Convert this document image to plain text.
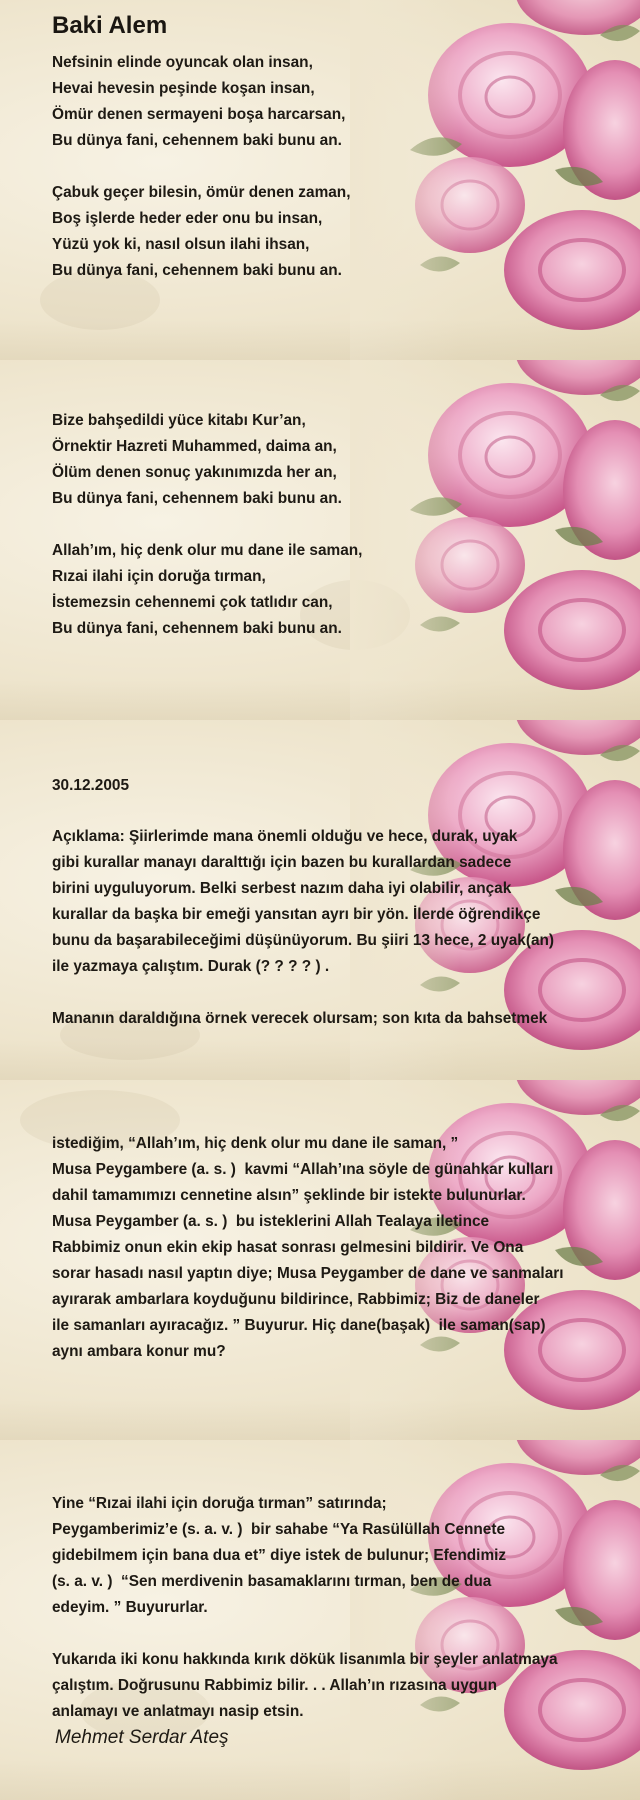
Baki Alem
Nefsinin elinde oyuncak olan insan,
Hevai hevesin peşinde koşan insan,
Ömür denen sermayeni boşa harcarsan,
Bu dünya fani, cehennem baki bunu an.

Çabuk geçer bilesin, ömür denen zaman,
Boş işlerde heder eder onu bu insan,
Yüzü yok ki, nasıl olsun ilahi ihsan,
Bu dünya fani, cehennem baki bunu an.
Bize bahşedildi yüce kitabı Kur’an,
Örnektir Hazreti Muhammed, daima an,
Ölüm denen sonuç yakınımızda her an,
Bu dünya fani, cehennem baki bunu an.

Allah’ım, hiç denk olur mu dane ile saman,
Rızai ilahi için doruğa tırman,
İstemezsin cehennemi çok tatlıdır can,
Bu dünya fani, cehennem baki bunu an.
30.12.2005
Açıklama: Şiirlerimde mana önemli olduğu ve hece, durak, uyak
gibi kurallar manayı daralttığı için bazen bu kurallardan sadece
birini uyguluyorum. Belki serbest nazım daha iyi olabilir, ançak
kurallar da başka bir emeği yansıtan ayrı bir yön. İlerde öğrendikçe
bunu da başarabileceğimi düşünüyorum. Bu şiiri 13 hece, 2 uyak(an)
ile yazmaya çalıştım. Durak (? ? ? ? ) .

Mananın daraldığına örnek verecek olursam; son kıta da bahsetmek
istediğim, “Allah’ım, hiç denk olur mu dane ile saman, ”
Musa Peygambere (a. s. )  kavmi “Allah’ına söyle de günahkar kulları
dahil tamamımızı cennetine alsın” şeklinde bir istekte bulunurlar.
Musa Peygamber (a. s. )  bu isteklerini Allah Tealaya iletince
Rabbimiz onun ekin ekip hasat sonrası gelmesini bildirir. Ve Ona
sorar hasadı nasıl yaptın diye; Musa Peygamber de dane ve sanmaları
ayırarak ambarlara koyduğunu bildirince, Rabbimiz; Biz de daneler
ile samanları ayıracağız. ” Buyurur. Hiç dane(başak)  ile saman(sap)
aynı ambara konur mu?
Yine “Rızai ilahi için doruğa tırman” satırında;
Peygamberimiz’e (s. a. v. )  bir sahabe “Ya Rasülüllah Cennete
gidebilmem için bana dua et” diye istek de bulunur; Efendimiz
(s. a. v. )  “Sen merdivenin basamaklarını tırman, ben de dua
edeyim. ” Buyururlar.

Yukarıda iki konu hakkında kırık dökük lisanımla bir şeyler anlatmaya
çalıştım. Doğrusunu Rabbimiz bilir. . . Allah’ın rızasına uygun
anlamayı ve anlatmayı nasip etsin.
Mehmet Serdar Ateş
